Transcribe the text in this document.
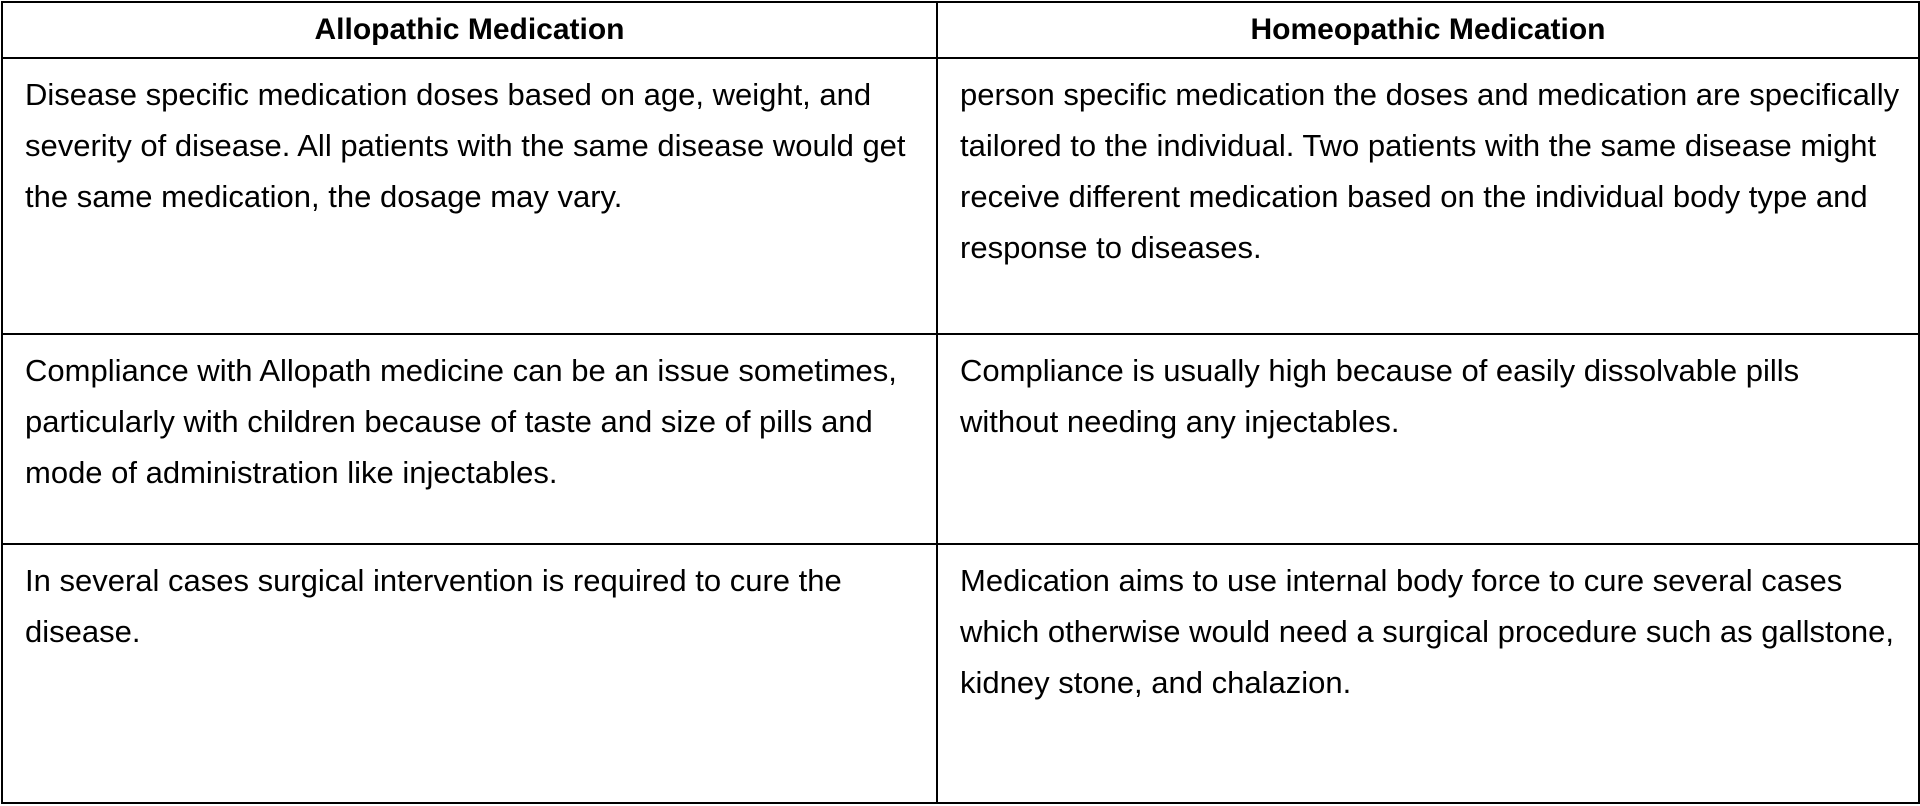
Allopathic Medication	Homeopathic Medication
Disease specific medication doses based on age, weight, and severity of disease. All patients with the same disease would get the same medication, the dosage may vary.	person specific medication the doses and medication are specifically tailored to the individual. Two patients with the same disease might receive different medication based on the individual body type and response to diseases.
Compliance with Allopath medicine can be an issue sometimes, particularly with children because of taste and size of pills and mode of administration like injectables.	Compliance is usually high because of easily dissolvable pills without needing any injectables.
In several cases surgical intervention is required to cure the disease.	Medication aims to use internal body force to cure several cases which otherwise would need a surgical procedure such as gallstone, kidney stone, and chalazion.
